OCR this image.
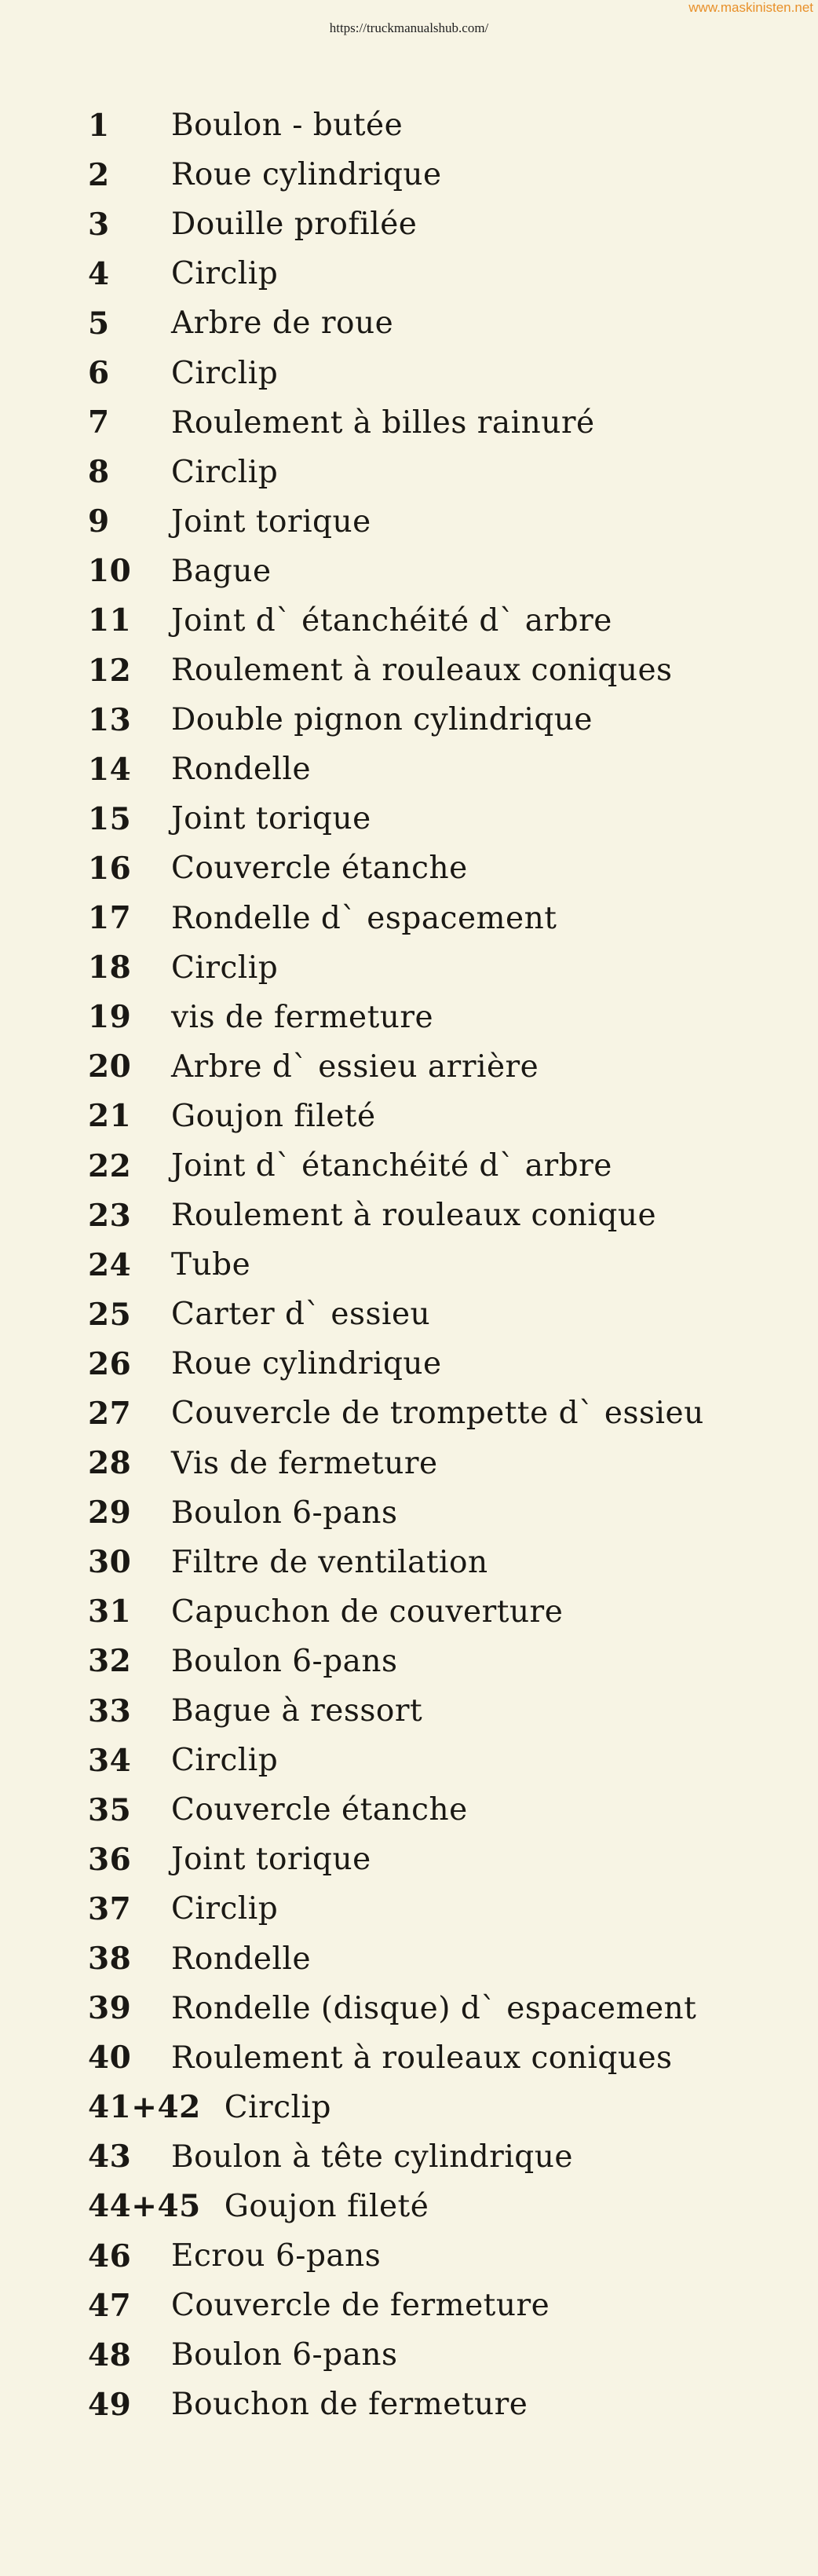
https://truckmanualshub.com/
www.maskinisten.net
1	Boulon - butée
2	Roue cylindrique
3	Douille profilée
4	Circlip
5	Arbre de roue
6	Circlip
7	Roulement à billes rainuré
8	Circlip
9	Joint torique
10	Bague
11	Joint d` étanchéité d` arbre
12	Roulement à rouleaux coniques
13	Double pignon cylindrique
14	Rondelle
15	Joint torique
16	Couvercle étanche
17	Rondelle d` espacement
18	Circlip
19	vis de fermeture
20	Arbre d` essieu arrière
21	Goujon fileté
22	Joint d` étanchéité d` arbre
23	Roulement à rouleaux conique
24	Tube
25	Carter d` essieu
26	Roue cylindrique
27	Couvercle de trompette d` essieu
28	Vis de fermeture
29	Boulon 6-pans
30	Filtre de ventilation
31	Capuchon de couverture
32	Boulon 6-pans
33	Bague à ressort
34	Circlip
35	Couvercle étanche
36	Joint torique
37	Circlip
38	Rondelle
39	Rondelle (disque) d` espacement
40	Roulement à rouleaux coniques
41+42 Circlip
43	Boulon à tête cylindrique
44+45 Goujon fileté
46	Ecrou 6-pans
47	Couvercle de fermeture
48	Boulon 6-pans
49	Bouchon de fermeture
